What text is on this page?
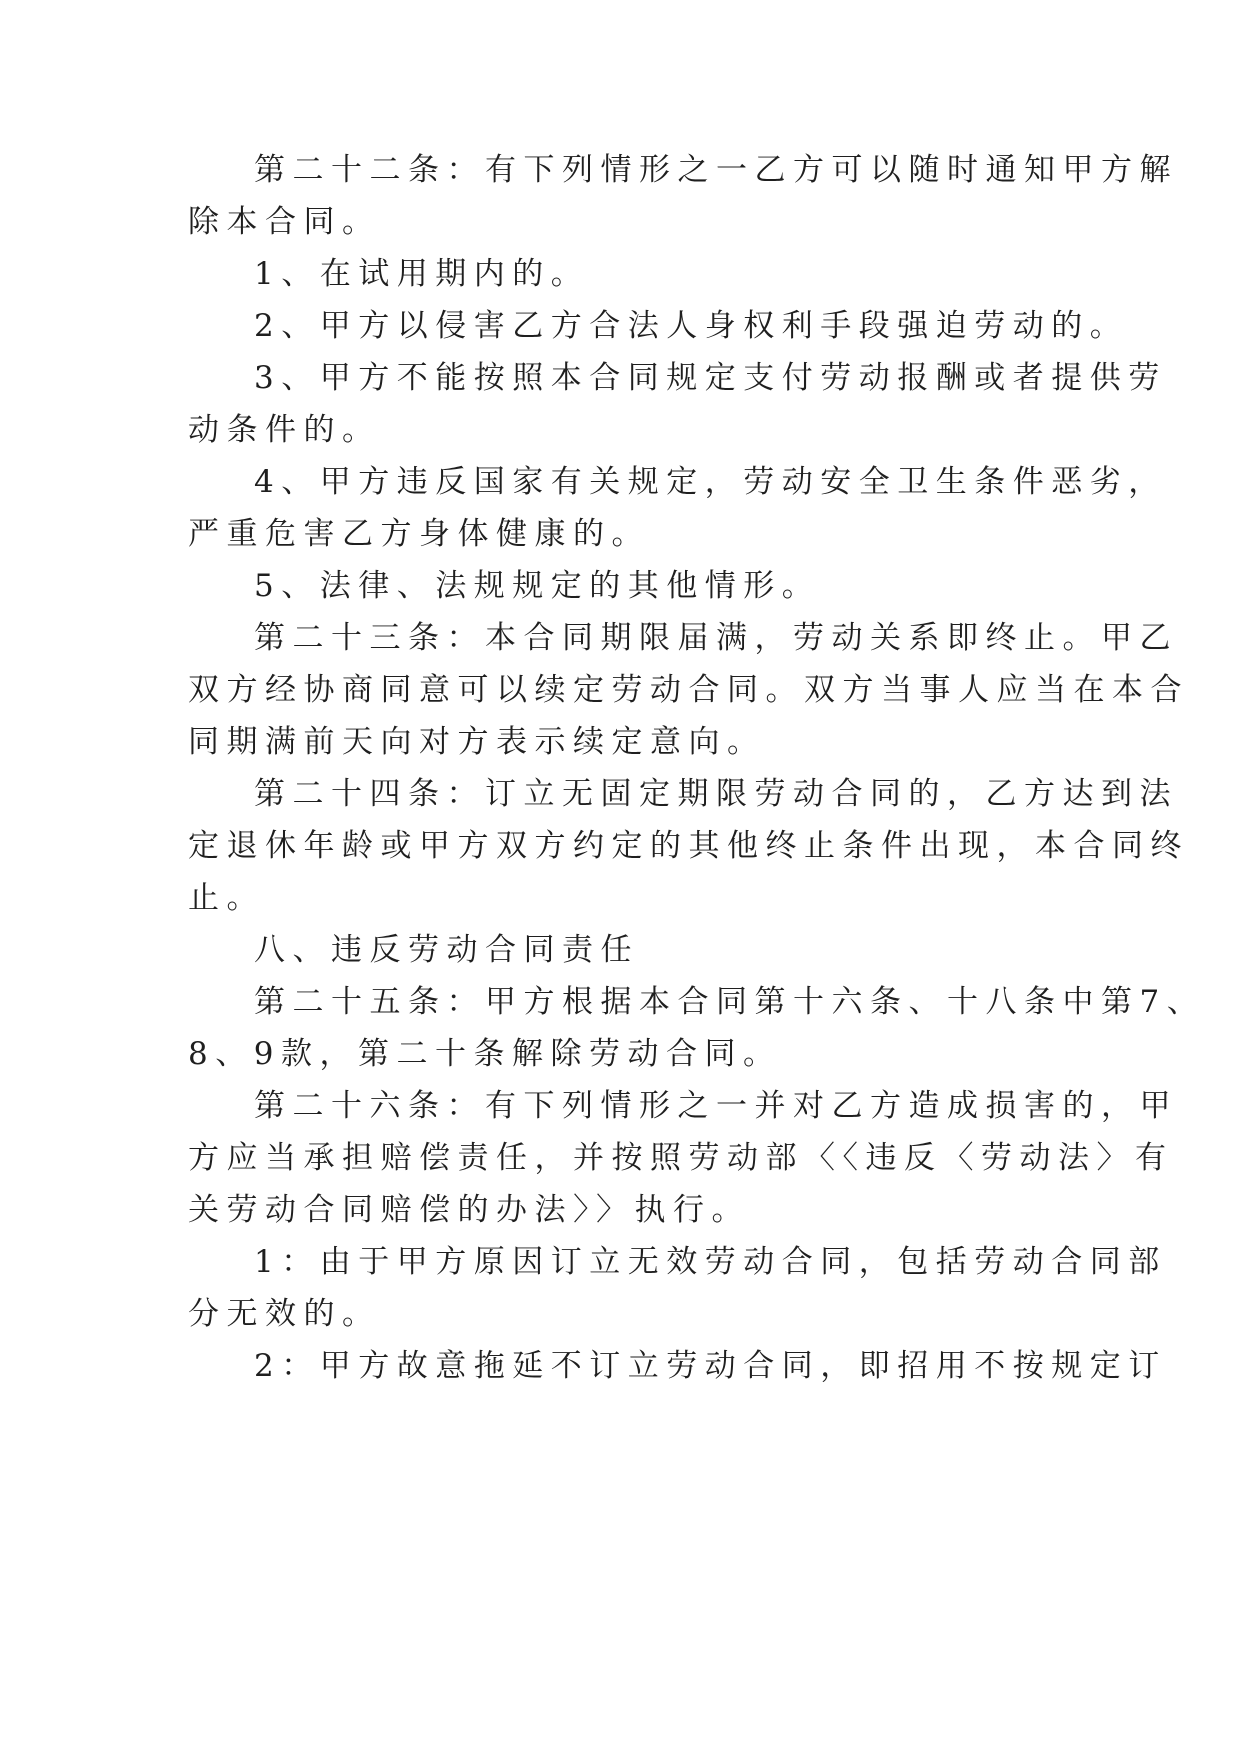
第二十二条：有下列情形之一乙方可以随时通知甲方解

除本合同。

1、在试用期内的。

2、甲方以侵害乙方合法人身权利手段强迫劳动的。

3、甲方不能按照本合同规定支付劳动报酬或者提供劳

动条件的。

4、甲方违反国家有关规定，劳动安全卫生条件恶劣，

严重危害乙方身体健康的。

5、法律、法规规定的其他情形。

第二十三条：本合同期限届满，劳动关系即终止。甲乙

双方经协商同意可以续定劳动合同。双方当事人应当在本合

同期满前天向对方表示续定意向。

第二十四条：订立无固定期限劳动合同的，乙方达到法

定退休年龄或甲方双方约定的其他终止条件出现，本合同终

止。

八、违反劳动合同责任

第二十五条：甲方根据本合同第十六条、十八条中第7、

8、9款，第二十条解除劳动合同。

第二十六条：有下列情形之一并对乙方造成损害的，甲

方应当承担赔偿责任，并按照劳动部〈〈违反〈劳动法〉有

关劳动合同赔偿的办法〉〉执行。

1：由于甲方原因订立无效劳动合同，包括劳动合同部

分无效的。

2：甲方故意拖延不订立劳动合同，即招用不按规定订
